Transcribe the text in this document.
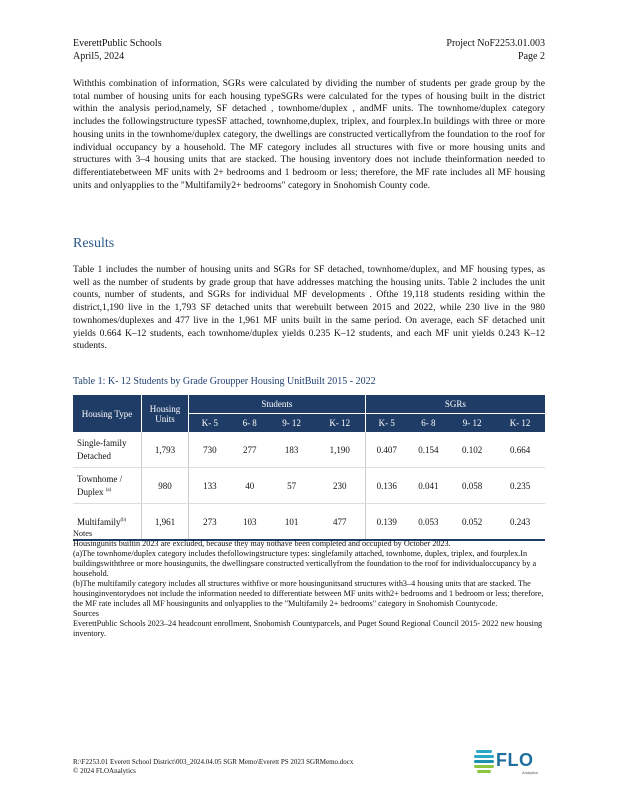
EverettPublic Schools
April5, 2024
Project NoF2253.01.003
Page 2
Withthis combination of information, SGRs were calculated by dividing the number of students per grade group by the total number of housing units for each housing typeSGRs were calculated for the types of housing built in the district within the analysis period,namely, SF detached , townhome/duplex , andMF units. The townhome/duplex category includes the followingstructure typesSF attached, townhome,duplex, triplex, and fourplex.In buildings with three or more housing units in the townhome/duplex category, the dwellings are constructed verticallyfrom the foundation to the roof for individual occupancy by a household. The MF category includes all structures with five or more housing units and structures with 3–4 housing units that are stacked. The housing inventory does not include theinformation needed to differentiatebetween MF units with 2+ bedrooms and 1 bedroom or less; therefore, the MF rate includes all MF housing units and onlyapplies to the "Multifamily2+ bedrooms" category in Snohomish County code.
Results
Table 1 includes the number of housing units and SGRs for SF detached, townhome/duplex, and MF housing types, as well as the number of students by grade group that have addresses matching the housing units. Table 2 includes the unit counts, number of students, and SGRs for individual MF developments . Ofthe 19,118 students residing within the district,1,190 live in the 1,793 SF detached units that werebuilt between 2015 and 2022, while 230 live in the 980 townhomes/duplexes and 477 live in the 1,961 MF units built in the same period. On average, each SF detached unit yields 0.664 K–12 students, each townhome/duplex yields 0.235 K–12 students, and each MF unit yields 0.243 K–12 students.
Table 1: K- 12 Students by Grade Groupper Housing UnitBuilt 2015 - 2022
Housing Type	Housing Units	Students				SGRs			
		K- 5	6- 8	9- 12	K- 12	K- 5	6- 8	9- 12	K- 12
Single-family Detached	1,793	730	277	183	1,190	0.407	0.154	0.102	0.664
Townhome / Duplex $^{(a)}$	980	133	40	57	230	0.136	0.041	0.058	0.235
Multifamily$^{(b)}$	1,961	273	103	101	477	0.139	0.053	0.052	0.243

Notes

Housingunits builtin 2023 are excluded, because they may nothave been completed and occupied by October 2023.

(a)The townhome/duplex category includes thefollowingstructure types: singlefamily attached, townhome, duplex, triplex, and fourplex.In buildingswiththree or more housingunits, the dwellingsare constructed verticallyfrom the foundation to the roof for individualoccupancy by a household.

(b)The multifamily category includes all structures withfive or more housingunitsand structures with3–4 housing units that are stacked. The housinginventorydoes not include the information needed to differentiate between MF units with2+ bedrooms and 1 bedroom or less; therefore, the MF rate includes all MF housingunits and onlyapplies to the "Multifamily 2+ bedrooms" category in Snohomish Countycode.

Sources

EverettPublic Schools 2023–24 headcount enrollment, Snohomish Countyparcels, and Puget Sound Regional Council 2015- 2022 new housing inventory.

R:\F2253.01 Everett School District\003_2024.04.05 SGR Memo\Everett PS 2023 SGRMemo.docx
© 2024 FLOAnalytics
FLO
Analytics
